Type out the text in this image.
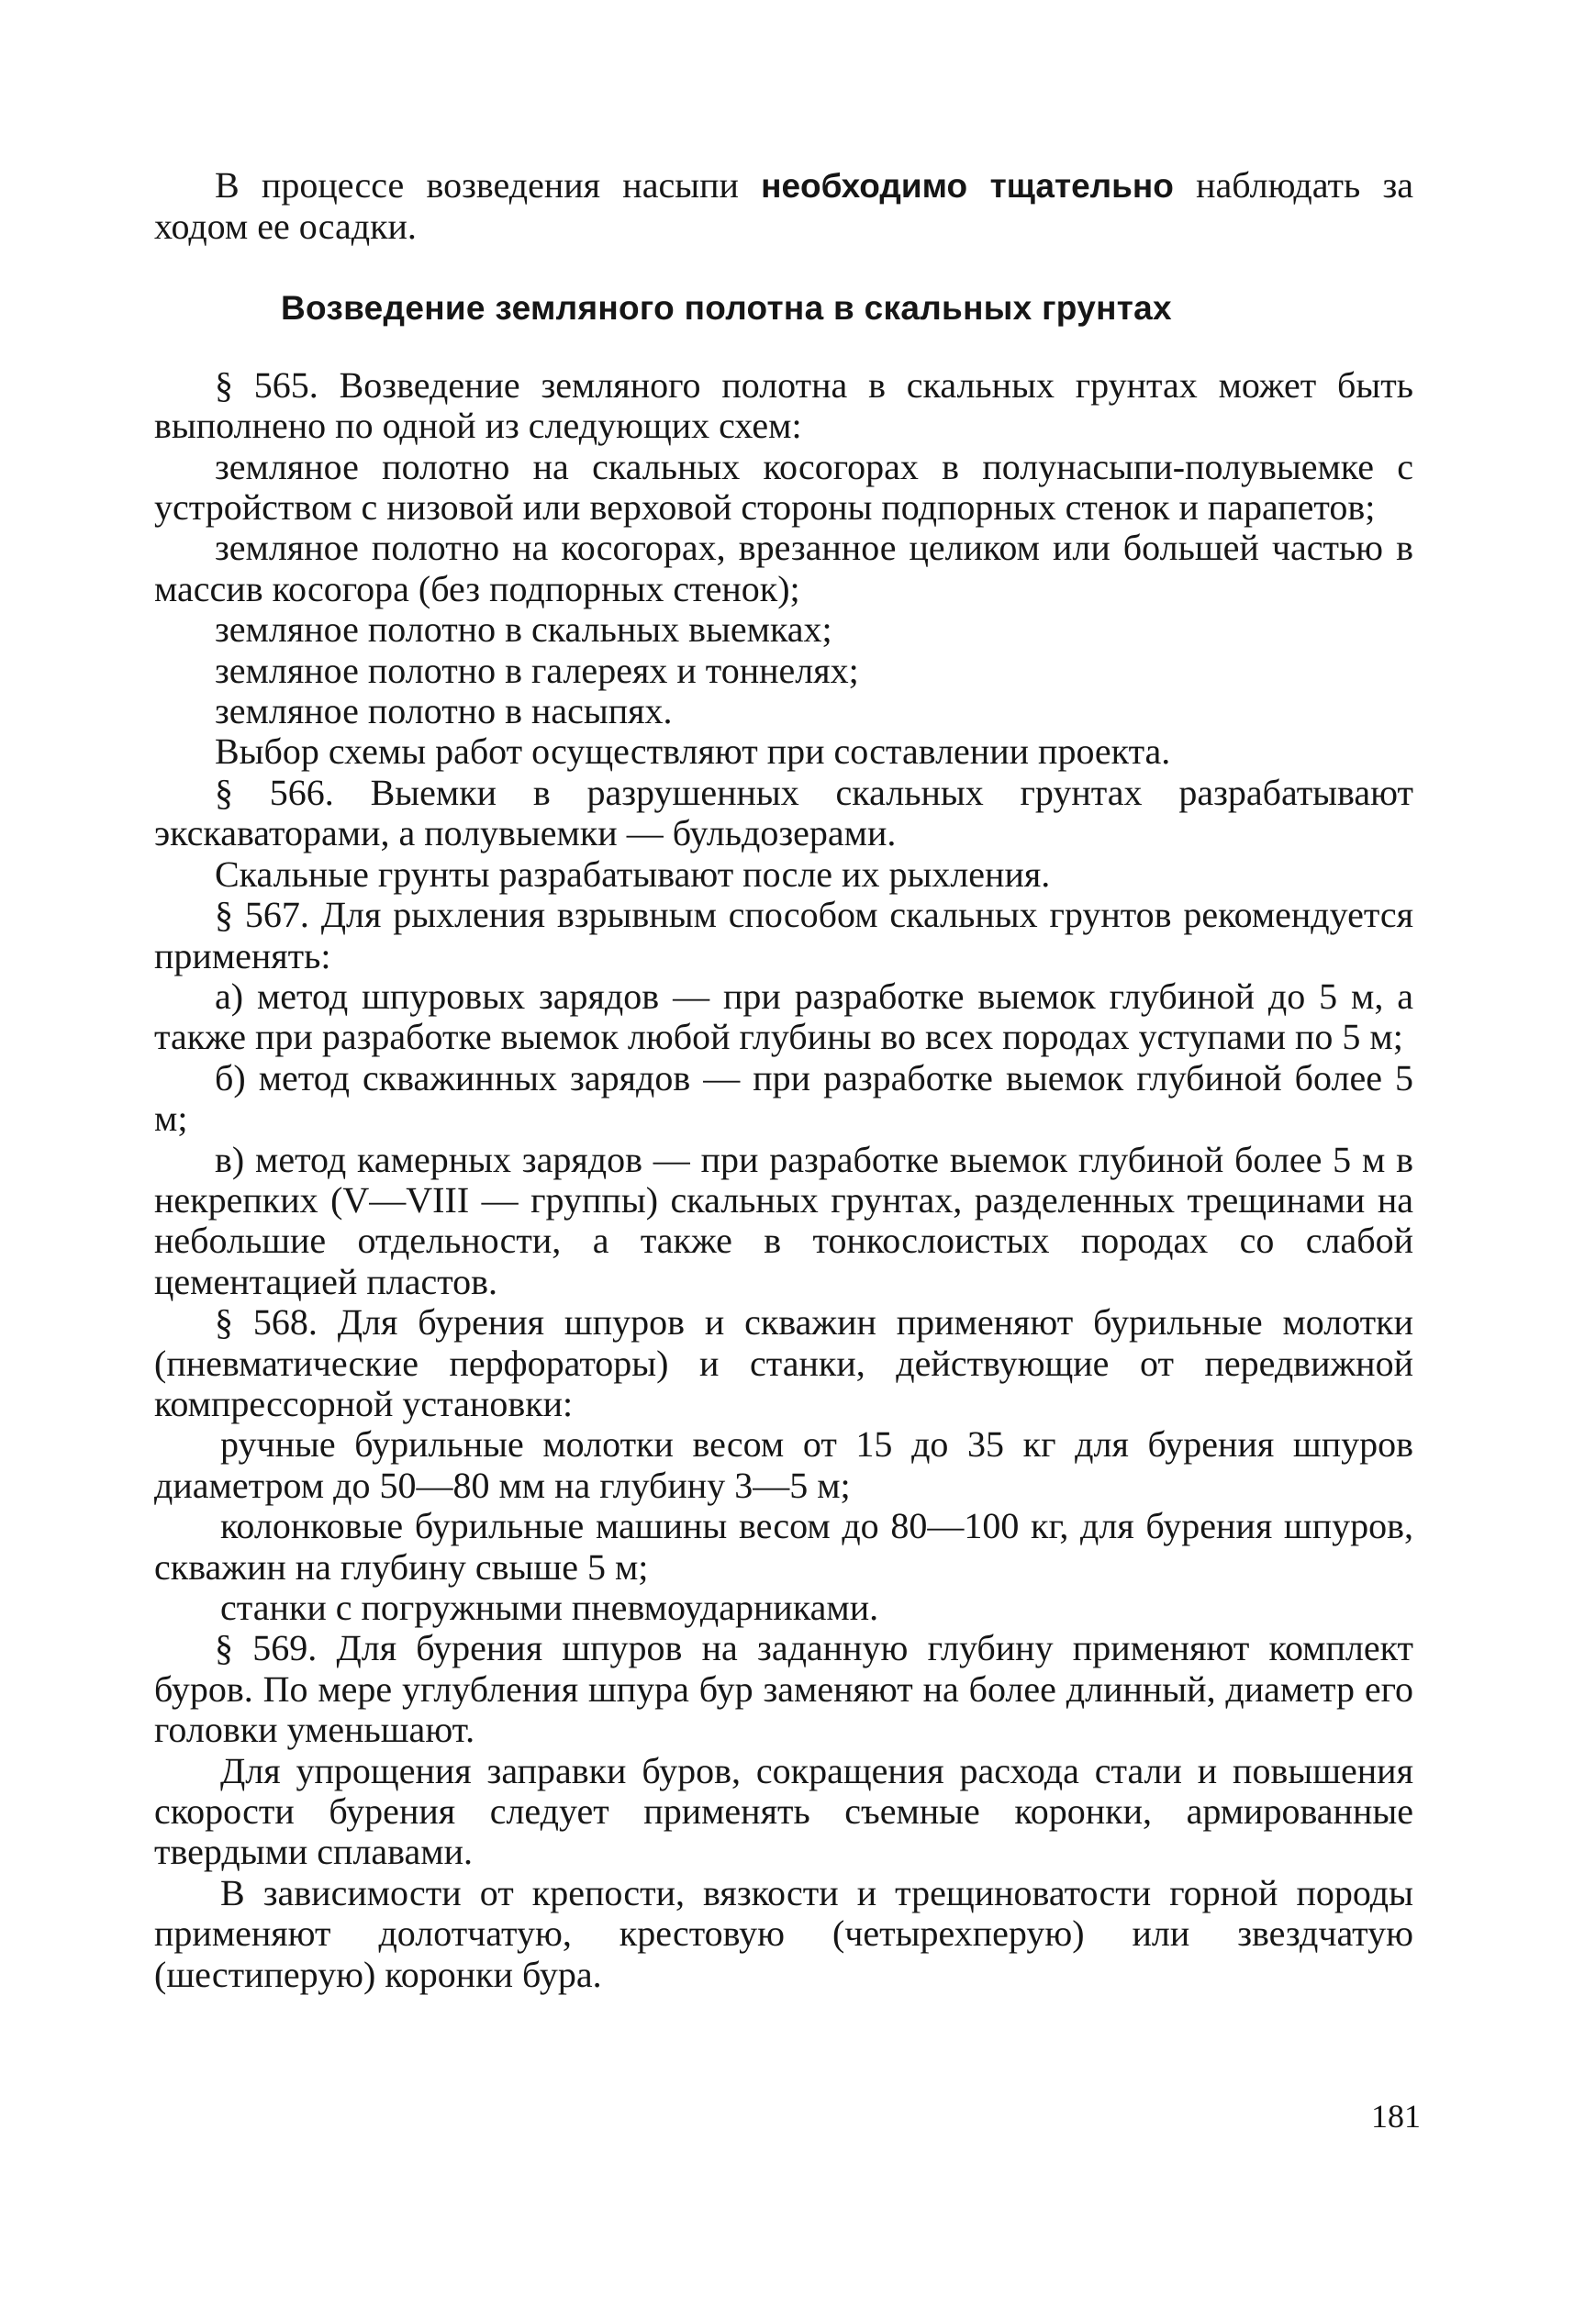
В процессе возведения насыпи необходимо тщательно наблюдать за ходом ее осадки.

Возведение земляного полотна в скальных грунтах

§ 565. Возведение земляного полотна в скальных грунтах может быть выполнено по одной из следующих схем:

земляное полотно на скальных косогорах в полунасыпи-полувыемке с устройством с низовой или верховой стороны подпорных стенок и парапетов;

земляное полотно на косогорах, врезанное целиком или большей частью в массив косогора (без подпорных стенок);

земляное полотно в скальных выемках;

земляное полотно в галереях и тоннелях;

земляное полотно в насыпях.

Выбор схемы работ осуществляют при составлении проекта.

§ 566. Выемки в разрушенных скальных грунтах разрабатывают экскаваторами, а полувыемки — бульдозерами.

Скальные грунты разрабатывают после их рыхления.

§ 567. Для рыхления взрывным способом скальных грунтов рекомендуется применять:

а) метод шпуровых зарядов — при разработке выемок глубиной до 5 м, а также при разработке выемок любой глубины во всех породах уступами по 5 м;

б) метод скважинных зарядов — при разработке выемок глубиной более 5 м;

в) метод камерных зарядов — при разработке выемок глубиной более 5 м в некрепких (V—VIII — группы) скальных грунтах, разделенных трещинами на небольшие отдельности, а также в тонкослоистых породах со слабой цементацией пластов.

§ 568. Для бурения шпуров и скважин применяют бурильные молотки (пневматические перфораторы) и станки, действующие от передвижной компрессорной установки:

ручные бурильные молотки весом от 15 до 35 кг для бурения шпуров диаметром до 50—80 мм на глубину 3—5 м;

колонковые бурильные машины весом до 80—100 кг, для бурения шпуров, скважин на глубину свыше 5 м;

станки с погружными пневмоударниками.

§ 569. Для бурения шпуров на заданную глубину применяют комплект буров. По мере углубления шпура бур заменяют на более длинный, диаметр его головки уменьшают.

Для упрощения заправки буров, сокращения расхода стали и повышения скорости бурения следует применять съемные коронки, армированные твердыми сплавами.

В зависимости от крепости, вязкости и трещиноватости горной породы применяют долотчатую, крестовую (четырехперую) или звездчатую (шестиперую) коронки бура.

181
